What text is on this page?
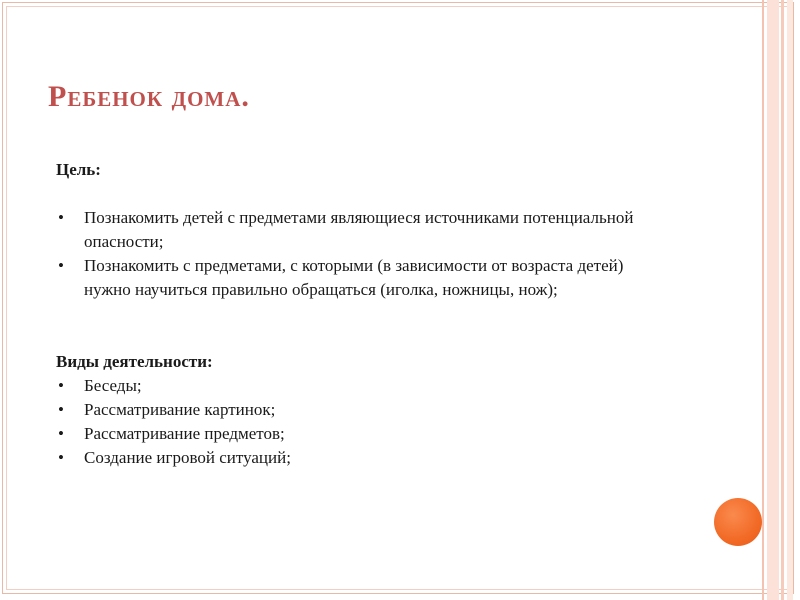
Ребенок дома.

Цель:

• Познакомить детей с предметами являющиеся источниками потенциальной опасности;
• Познакомить с предметами, с которыми (в зависимости от возраста детей) нужно научиться правильно обращаться (иголка, ножницы, нож);

Виды деятельности:

• Беседы;
• Рассматривание картинок;
• Рассматривание предметов;
• Создание игровой ситуаций;
